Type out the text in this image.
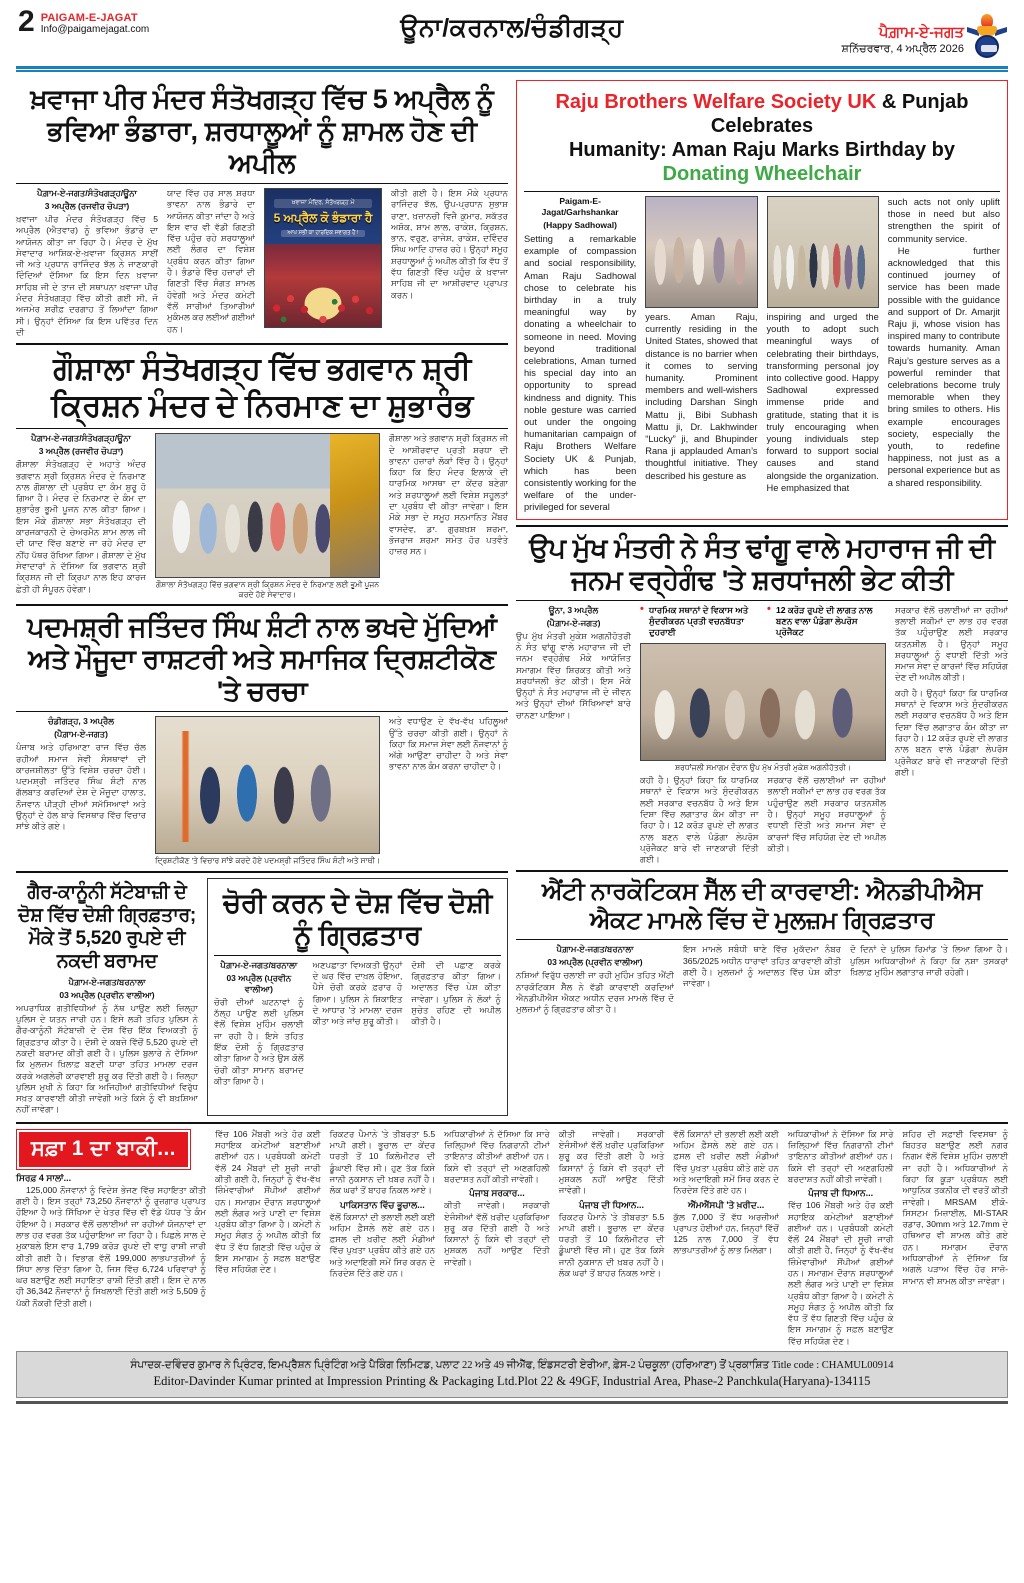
2 PAIGAM-E-JAGAT
Info@paigamejagat.com	ਊਨਾ/ਕਰਨਾਲ/ਚੰਡੀਗੜ੍ਹ	ਪੈਗ਼ਾਮ-ਏ-ਜਗਤ
ਸ਼ਨਿੱਚਰਵਾਰ, 4 ਅਪ੍ਰੈਲ 2026
ਖ਼ਵਾਜਾ ਪੀਰ ਮੰਦਰ ਸੰਤੋਖਗੜ੍ਹ ਵਿੱਚ 5 ਅਪ੍ਰੈਲ ਨੂੰ ਭਵਿਆ ਭੰਡਾਰਾ, ਸ਼ਰਧਾਲੂਆਂ ਨੂੰ ਸ਼ਾਮਲ ਹੋਣ ਦੀ ਅਪੀਲ
ਪੈਗ਼ਾਮ-ਏ-ਜਗਤ/ਸੰਤੋਖਗੜ੍ਹ/ਊਨਾ
3 ਅਪ੍ਰੈਲ (ਰਜਵੀਰ ਚੋਪੜਾ)
ਖ਼ਵਾਜਾ ਪੀਰ ਮੰਦਰ ਸੰਤੋਖਗੜ੍ਹ ਵਿੱਚ 5 ਅਪ੍ਰੈਲ (ਐਤਵਾਰ) ਨੂੰ ਭਵਿਆ ਭੰਡਾਰੇ ਦਾ ਆਯੋਜਨ ਕੀਤਾ ਜਾ ਰਿਹਾ ਹੈ। ਮੰਦਰ ਦੇ ਮੁੱਖ ਸੇਵਾਦਾਰ ਆਸ਼ਿਕ-ਏ-ਖ਼ਵਾਜਾ ਕ੍ਰਿਸ਼ਨ ਸਾਈਂ ਜੀ ਅਤੇ ਪ੍ਰਧਾਨ ਰਾਜਿੰਦਰ ਝੱਲ ਨੇ ਜਾਣਕਾਰੀ ਦਿੰਦਿਆਂ ਦੱਸਿਆ ਕਿ ਇਸ ਦਿਨ ਖ਼ਵਾਜਾ ਸਾਹਿਬ ਜੀ ਦੇ ਤਾਜ ਦੀ ਸਥਾਪਨਾ ਖ਼ਵਾਜਾ ਪੀਰ ਮੰਦਰ ਸੰਤੋਖਗੜ੍ਹ ਵਿੱਚ ਕੀਤੀ ਗਈ ਸੀ, ਜੋ ਅਜਮੇਰ ਸ਼ਰੀਫ਼ ਦਰਗਾਹ ਤੋਂ ਲਿਆਂਦਾ ਗਿਆ ਸੀ। ਉਨ੍ਹਾਂ ਦੱਸਿਆ ਕਿ ਇਸ ਪਵਿੱਤਰ ਦਿਨ ਦੀ
ਯਾਦ ਵਿੱਚ ਹਰ ਸਾਲ ਸ਼ਰਧਾ ਭਾਵਨਾ ਨਾਲ ਭੰਡਾਰੇ ਦਾ ਆਯੋਜਨ ਕੀਤਾ ਜਾਂਦਾ ਹੈ ਅਤੇ ਇਸ ਵਾਰ ਵੀ ਵੱਡੀ ਗਿਣਤੀ ਵਿੱਚ ਪਹੁੰਚ ਰਹੇ ਸ਼ਰਧਾਲੂਆਂ ਲਈ ਲੰਗਰ ਦਾ ਵਿਸ਼ੇਸ਼ ਪ੍ਰਬੰਧ ਕਰਨ ਕੀਤਾ ਗਿਆ ਹੈ। ਭੰਡਾਰੇ ਵਿੱਚ ਹਜ਼ਾਰਾਂ ਦੀ ਗਿਣਤੀ ਵਿੱਚ ਸੰਗਤ ਸ਼ਾਮਲ ਹੋਵੇਗੀ ਅਤੇ ਮੰਦਰ ਕਮੇਟੀ ਵੱਲੋਂ ਸਾਰੀਆਂ ਤਿਆਰੀਆਂ ਮੁਕੰਮਲ ਕਰ ਲਈਆਂ ਗਈਆਂ ਹਨ।
ਖ਼ਵਾਜਾ ਮੰਦਿਰ, ਸੰਤੋਖਗੜ੍ਹ ਮੇਂ
5 ਅਪ੍ਰੈਲ ਕੋ ਭੰਡਾਰਾ ਹੈ
ਆਪ ਸਭੀ ਕਾ ਹਾਰਦਿਕ ਸਵਾਗਤ ਹੈ !
ਕੀਤੀ ਗਈ ਹੈ। ਇਸ ਮੌਕੇ ਪ੍ਰਧਾਨ ਰਾਜਿੰਦਰ ਝੱਲ, ਉਪ-ਪ੍ਰਧਾਨ ਸੁਭਾਸ਼ ਰਾਣਾ, ਖ਼ਜ਼ਾਨਚੀ ਵਿਜੈ ਕੁਮਾਰ, ਸਕੱਤਰ ਅਸ਼ੋਕ, ਸ਼ਾਮ ਲਾਲ, ਰਾਕੇਸ਼, ਕ੍ਰਿਸ਼ਨ, ਭਾਨ, ਵਰੁਣ, ਰਾਜੇਸ਼, ਰਾਕੇਸ਼, ਦਵਿੰਦਰ ਸਿੰਘ ਆਦਿ ਹਾਜ਼ਰ ਰਹੇ। ਉਨ੍ਹਾਂ ਸਮੂਹ ਸ਼ਰਧਾਲੂਆਂ ਨੂੰ ਅਪੀਲ ਕੀਤੀ ਕਿ ਵੱਧ ਤੋਂ ਵੱਧ ਗਿਣਤੀ ਵਿੱਚ ਪਹੁੰਚ ਕੇ ਖ਼ਵਾਜਾ ਸਾਹਿਬ ਜੀ ਦਾ ਆਸ਼ੀਰਵਾਦ ਪ੍ਰਾਪਤ ਕਰਨ।
ਗੌਸ਼ਾਲਾ ਸੰਤੋਖਗੜ੍ਹ ਵਿੱਚ ਭਗਵਾਨ ਸ਼੍ਰੀ ਕ੍ਰਿਸ਼ਨ ਮੰਦਰ ਦੇ ਨਿਰਮਾਣ ਦਾ ਸ਼ੁਭਾਰੰਭ
ਪੈਗ਼ਾਮ-ਏ-ਜਗਤ/ਸੰਤੋਖਗੜ੍ਹ/ਊਨਾ
3 ਅਪ੍ਰੈਲ (ਰਜਵੀਰ ਚੋਪੜਾ)
ਗੌਸ਼ਾਲਾ ਸੰਤੋਖਗੜ੍ਹ ਦੇ ਅਹਾਤੇ ਅੰਦਰ ਭਗਵਾਨ ਸ਼੍ਰੀ ਕ੍ਰਿਸ਼ਨ ਮੰਦਰ ਦੇ ਨਿਰਮਾਣ ਨਾਲ ਗੌਸ਼ਾਲਾ ਦੀ ਪ੍ਰਬੰਧ ਦਾ ਕੰਮ ਸ਼ੁਰੂ ਹੋ ਗਿਆ ਹੈ। ਮੰਦਰ ਦੇ ਨਿਰਮਾਣ ਦੇ ਕੰਮ ਦਾ ਸ਼ੁਭਾਰੰਭ ਭੂਮੀ ਪੂਜਨ ਨਾਲ ਕੀਤਾ ਗਿਆ। ਇਸ ਮੌਕੇ ਗੌਸ਼ਾਲਾ ਸਭਾ ਸੰਤੋਖਗੜ੍ਹ ਦੀ ਕਾਰਜਕਾਰਨੀ ਦੇ ਚੇਅਰਮੈਨ ਸ਼ਾਮ ਲਾਲ ਜੀ ਦੀ ਯਾਦ ਵਿੱਚ ਬਣਾਏ ਜਾ ਰਹੇ ਮੰਦਰ ਦਾ ਨੀਂਹ ਪੱਥਰ ਰੱਖਿਆ ਗਿਆ। ਗੌਸ਼ਾਲਾ ਦੇ ਮੁੱਖ ਸੇਵਾਦਾਰਾਂ ਨੇ ਦੱਸਿਆ ਕਿ ਭਗਵਾਨ ਸ਼੍ਰੀ ਕ੍ਰਿਸ਼ਨ ਜੀ ਦੀ ਕ੍ਰਿਪਾ ਨਾਲ ਇਹ ਕਾਰਜ ਛੇਤੀ ਹੀ ਸੰਪੂਰਨ ਹੋਵੇਗਾ।	ਗੌਸ਼ਾਲਾ ਸੰਤੋਖਗੜ੍ਹ ਵਿੱਚ ਭਗਵਾਨ ਸ਼੍ਰੀ ਕ੍ਰਿਸ਼ਨ ਮੰਦਰ ਦੇ ਨਿਰਮਾਣ ਲਈ ਭੂਮੀ ਪੂਜਨ ਕਰਦੇ ਹੋਏ ਸੇਵਾਦਾਰ।
ਗੌਸ਼ਾਲਾ ਅਤੇ ਭਗਵਾਨ ਸ਼੍ਰੀ ਕ੍ਰਿਸ਼ਨ ਜੀ ਦੇ ਆਸ਼ੀਰਵਾਦ ਪ੍ਰਤੀ ਸ਼ਰਧਾ ਦੀ ਭਾਵਨਾ ਹਜ਼ਾਰਾਂ ਲੋਕਾਂ ਵਿੱਚ ਹੈ। ਉਨ੍ਹਾਂ ਕਿਹਾ ਕਿ ਇਹ ਮੰਦਰ ਇਲਾਕੇ ਦੀ ਧਾਰਮਿਕ ਆਸਥਾ ਦਾ ਕੇਂਦਰ ਬਣੇਗਾ ਅਤੇ ਸ਼ਰਧਾਲੂਆਂ ਲਈ ਵਿਸ਼ੇਸ਼ ਸਹੂਲਤਾਂ ਦਾ ਪ੍ਰਬੰਧ ਵੀ ਕੀਤਾ ਜਾਵੇਗਾ। ਇਸ ਮੌਕੇ ਸਭਾ ਦੇ ਸਮੂਹ ਸਨਮਾਨਿਤ ਮੈਂਬਰ ਵਾਸਦੇਵ, ਡਾ. ਗੁਰਬਖ਼ਸ਼ ਸ਼ਰਮਾ, ਭੋਜਰਾਜ ਸ਼ਰਮਾ ਸਮੇਤ ਹੋਰ ਪਤਵੰਤੇ ਹਾਜ਼ਰ ਸਨ।
ਪਦਮਸ਼੍ਰੀ ਜਤਿੰਦਰ ਸਿੰਘ ਸ਼ੰਟੀ ਨਾਲ ਭਖਦੇ ਮੁੱਦਿਆਂ ਅਤੇ ਮੌਜੂਦਾ ਰਾਸ਼ਟਰੀ ਅਤੇ ਸਮਾਜਿਕ ਦ੍ਰਿਸ਼ਟੀਕੋਣ 'ਤੇ ਚਰਚਾ
ਚੰਡੀਗੜ੍ਹ, 3 ਅਪ੍ਰੈਲ
(ਪੈਗ਼ਾਮ-ਏ-ਜਗਤ)
ਪੰਜਾਬ ਅਤੇ ਹਰਿਆਣਾ ਰਾਜ ਵਿੱਚ ਚੱਲ ਰਹੀਆਂ ਸਮਾਜ ਸੇਵੀ ਸੰਸਥਾਵਾਂ ਦੀ ਕਾਰਜਸ਼ੀਲਤਾ ਉੱਤੇ ਵਿਸ਼ੇਸ਼ ਚਰਚਾ ਹੋਈ। ਪਦਮਸ਼੍ਰੀ ਜਤਿੰਦਰ ਸਿੰਘ ਸ਼ੰਟੀ ਨਾਲ ਗੱਲਬਾਤ ਕਰਦਿਆਂ ਦੇਸ਼ ਦੇ ਮੌਜੂਦਾ ਹਾਲਾਤ, ਨੌਜਵਾਨ ਪੀੜ੍ਹੀ ਦੀਆਂ ਸਮੱਸਿਆਵਾਂ ਅਤੇ ਉਨ੍ਹਾਂ ਦੇ ਹੱਲ ਬਾਰੇ ਵਿਸਥਾਰ ਵਿੱਚ ਵਿਚਾਰ ਸਾਂਝੇ ਕੀਤੇ ਗਏ।
ਦ੍ਰਿਸ਼ਟੀਕੋਣ 'ਤੇ ਵਿਚਾਰ ਸਾਂਝੇ ਕਰਦੇ ਹੋਏ ਪਦਮਸ਼੍ਰੀ ਜਤਿੰਦਰ ਸਿੰਘ ਸ਼ੰਟੀ ਅਤੇ ਸਾਥੀ।
ਅਤੇ ਵਧਾਉਣ ਦੇ ਵੱਖ-ਵੱਖ ਪਹਿਲੂਆਂ ਉੱਤੇ ਚਰਚਾ ਕੀਤੀ ਗਈ। ਉਨ੍ਹਾਂ ਨੇ ਕਿਹਾ ਕਿ ਸਮਾਜ ਸੇਵਾ ਲਈ ਨੌਜਵਾਨਾਂ ਨੂੰ ਅੱਗੇ ਆਉਣਾ ਚਾਹੀਦਾ ਹੈ ਅਤੇ ਸੇਵਾ ਭਾਵਨਾ ਨਾਲ ਕੰਮ ਕਰਨਾ ਚਾਹੀਦਾ ਹੈ।
ਗੈਰ-ਕਾਨੂੰਨੀ ਸੱਟੇਬਾਜ਼ੀ ਦੇ ਦੋਸ਼ ਵਿੱਚ ਦੋਸ਼ੀ ਗ੍ਰਿਫ਼ਤਾਰ; ਮੌਕੇ ਤੋਂ 5,520 ਰੁਪਏ ਦੀ ਨਕਦੀ ਬਰਾਮਦ
ਪੈਗ਼ਾਮ-ਏ-ਜਗਤ/ਬਰਨਾਲਾ
03 ਅਪ੍ਰੈਲ (ਪ੍ਰਵੀਨ ਵਾਲੀਆ)
ਅਪਰਾਧਿਕ ਗਤੀਵਿਧੀਆਂ ਨੂੰ ਨੱਥ ਪਾਉਣ ਲਈ ਜ਼ਿਲ੍ਹਾ ਪੁਲਿਸ ਦੇ ਯਤਨ ਜਾਰੀ ਹਨ। ਇਸੇ ਲੜੀ ਤਹਿਤ ਪੁਲਿਸ ਨੇ ਗੈਰ-ਕਾਨੂੰਨੀ ਸੱਟੇਬਾਜ਼ੀ ਦੇ ਦੋਸ਼ ਵਿੱਚ ਇੱਕ ਵਿਅਕਤੀ ਨੂੰ ਗ੍ਰਿਫ਼ਤਾਰ ਕੀਤਾ ਹੈ। ਦੋਸ਼ੀ ਦੇ ਕਬਜ਼ੇ ਵਿੱਚੋਂ 5,520 ਰੁਪਏ ਦੀ ਨਕਦੀ ਬਰਾਮਦ ਕੀਤੀ ਗਈ ਹੈ। ਪੁਲਿਸ ਬੁਲਾਰੇ ਨੇ ਦੱਸਿਆ ਕਿ ਮੁਲਜ਼ਮ ਖ਼ਿਲਾਫ਼ ਬਣਦੀ ਧਾਰਾ ਤਹਿਤ ਮਾਮਲਾ ਦਰਜ ਕਰਕੇ ਅਗਲੇਰੀ ਕਾਰਵਾਈ ਸ਼ੁਰੂ ਕਰ ਦਿੱਤੀ ਗਈ ਹੈ। ਜ਼ਿਲ੍ਹਾ ਪੁਲਿਸ ਮੁਖੀ ਨੇ ਕਿਹਾ ਕਿ ਅਜਿਹੀਆਂ ਗਤੀਵਿਧੀਆਂ ਵਿਰੁੱਧ ਸਖ਼ਤ ਕਾਰਵਾਈ ਕੀਤੀ ਜਾਵੇਗੀ ਅਤੇ ਕਿਸੇ ਨੂੰ ਵੀ ਬਖ਼ਸ਼ਿਆ ਨਹੀਂ ਜਾਵੇਗਾ।
ਚੋਰੀ ਕਰਨ ਦੇ ਦੋਸ਼ ਵਿੱਚ ਦੋਸ਼ੀ ਨੂੰ ਗ੍ਰਿਫ਼ਤਾਰ
ਪੈਗ਼ਾਮ-ਏ-ਜਗਤ/ਬਰਨਾਲਾ
03 ਅਪ੍ਰੈਲ (ਪ੍ਰਵੀਨ ਵਾਲੀਆ)
ਚੋਰੀ ਦੀਆਂ ਘਟਨਾਵਾਂ ਨੂੰ ਠੱਲ੍ਹ ਪਾਉਣ ਲਈ ਪੁਲਿਸ ਵੱਲੋਂ ਵਿਸ਼ੇਸ਼ ਮੁਹਿੰਮ ਚਲਾਈ ਜਾ ਰਹੀ ਹੈ। ਇਸੇ ਤਹਿਤ ਇੱਕ ਦੋਸ਼ੀ ਨੂੰ ਗ੍ਰਿਫ਼ਤਾਰ ਕੀਤਾ ਗਿਆ ਹੈ ਅਤੇ ਉਸ ਕੋਲੋਂ ਚੋਰੀ ਕੀਤਾ ਸਾਮਾਨ ਬਰਾਮਦ ਕੀਤਾ ਗਿਆ ਹੈ।
ਅਣਪਛਾਤਾ ਵਿਅਕਤੀ ਉਨ੍ਹਾਂ ਦੇ ਘਰ ਵਿੱਚ ਦਾਖ਼ਲ ਹੋਇਆ, ਪੈਸੇ ਚੋਰੀ ਕਰਕੇ ਫ਼ਰਾਰ ਹੋ ਗਿਆ। ਪੁਲਿਸ ਨੇ ਸ਼ਿਕਾਇਤ ਦੇ ਆਧਾਰ 'ਤੇ ਮਾਮਲਾ ਦਰਜ ਕੀਤਾ ਅਤੇ ਜਾਂਚ ਸ਼ੁਰੂ ਕੀਤੀ।
ਦੋਸ਼ੀ ਦੀ ਪਛਾਣ ਕਰਕੇ ਗ੍ਰਿਫ਼ਤਾਰ ਕੀਤਾ ਗਿਆ। ਅਦਾਲਤ ਵਿੱਚ ਪੇਸ਼ ਕੀਤਾ ਜਾਵੇਗਾ। ਪੁਲਿਸ ਨੇ ਲੋਕਾਂ ਨੂੰ ਸੁਚੇਤ ਰਹਿਣ ਦੀ ਅਪੀਲ ਕੀਤੀ ਹੈ।
Raju Brothers Welfare Society UK & Punjab Celebrates
Humanity: Aman Raju Marks Birthday by Donating Wheelchair
Paigam-E-Jagat/Garhshankar
(Happy Sadhowal)
Setting a remarkable example of compassion and social responsibility, Aman Raju Sadhowal chose to celebrate his birthday in a truly meaningful way by donating a wheelchair to someone in need. Moving beyond traditional celebrations, Aman turned his special day into an opportunity to spread kindness and dignity. This noble gesture was carried out under the ongoing humanitarian campaign of Raju Brothers Welfare Society UK & Punjab, which has been consistently working for the welfare of the under-privileged for several
years. Aman Raju, currently residing in the United States, showed that distance is no barrier when it comes to serving humanity. Prominent members and well-wishers including Darshan Singh Mattu ji, Bibi Subhash Mattu ji, Dr. Lakhwinder “Lucky” ji, and Bhupinder Rana ji applauded Aman’s thoughtful initiative. They described his gesture as
inspiring and urged the youth to adopt such meaningful ways of celebrating their birthdays, transforming personal joy into collective good. Happy Sadhowal expressed immense pride and gratitude, stating that it is truly encouraging when young individuals step forward to support social causes and stand alongside the organization. He emphasized that
such acts not only uplift those in need but also strengthen the spirit of community service.
He further acknowledged that this continued journey of service has been made possible with the guidance and support of Dr. Amarjit Raju ji, whose vision has inspired many to contribute towards humanity. Aman Raju’s gesture serves as a powerful reminder that celebrations become truly memorable when they bring smiles to others. His example encourages society, especially the youth, to redefine happiness, not just as a personal experience but as a shared responsibility.
ਉਪ ਮੁੱਖ ਮੰਤਰੀ ਨੇ ਸੰਤ ਢਾਂਗੂ ਵਾਲੇ ਮਹਾਰਾਜ ਜੀ ਦੀ ਜਨਮ ਵਰ੍ਹੇਗੰਢ 'ਤੇ ਸ਼ਰਧਾਂਜਲੀ ਭੇਟ ਕੀਤੀ
ਊਨਾ, 3 ਅਪ੍ਰੈਲ
(ਪੈਗ਼ਾਮ-ਏ-ਜਗਤ)
ਉਪ ਮੁੱਖ ਮੰਤਰੀ ਮੁਕੇਸ਼ ਅਗਨੀਹੋਤਰੀ ਨੇ ਸੰਤ ਢਾਂਗੂ ਵਾਲੇ ਮਹਾਰਾਜ ਜੀ ਦੀ ਜਨਮ ਵਰ੍ਹੇਗੰਢ ਮੌਕੇ ਆਯੋਜਿਤ ਸਮਾਗਮ ਵਿੱਚ ਸ਼ਿਰਕਤ ਕੀਤੀ ਅਤੇ ਸ਼ਰਧਾਂਜਲੀ ਭੇਟ ਕੀਤੀ। ਇਸ ਮੌਕੇ ਉਨ੍ਹਾਂ ਨੇ ਸੰਤ ਮਹਾਰਾਜ ਜੀ ਦੇ ਜੀਵਨ ਅਤੇ ਉਨ੍ਹਾਂ ਦੀਆਂ ਸਿੱਖਿਆਵਾਂ ਬਾਰੇ ਚਾਨਣਾ ਪਾਇਆ।
• ਧਾਰਮਿਕ ਸਥਾਨਾਂ ਦੇ ਵਿਕਾਸ ਅਤੇ ਸੁੰਦਰੀਕਰਨ ਪ੍ਰਤੀ ਵਚਨਬੱਧਤਾ ਦੁਹਰਾਈ
• 12 ਕਰੋੜ ਰੁਪਏ ਦੀ ਲਾਗਤ ਨਾਲ ਬਣਨ ਵਾਲਾ ਪੰਡੋਗਾ ਲੇਪਰੋਸ ਪ੍ਰੋਜੈਕਟ
ਸ਼ਰਧਾਂਜਲੀ ਸਮਾਗਮ ਦੌਰਾਨ ਉਪ ਮੁੱਖ ਮੰਤਰੀ ਮੁਕੇਸ਼ ਅਗਨੀਹੋਤਰੀ।
ਕਹੀ ਹੈ। ਉਨ੍ਹਾਂ ਕਿਹਾ ਕਿ ਧਾਰਮਿਕ ਸਥਾਨਾਂ ਦੇ ਵਿਕਾਸ ਅਤੇ ਸੁੰਦਰੀਕਰਨ ਲਈ ਸਰਕਾਰ ਵਚਨਬੱਧ ਹੈ ਅਤੇ ਇਸ ਦਿਸ਼ਾ ਵਿੱਚ ਲਗਾਤਾਰ ਕੰਮ ਕੀਤਾ ਜਾ ਰਿਹਾ ਹੈ। 12 ਕਰੋੜ ਰੁਪਏ ਦੀ ਲਾਗਤ ਨਾਲ ਬਣਨ ਵਾਲੇ ਪੰਡੋਗਾ ਲੇਪਰੋਸ ਪ੍ਰੋਜੈਕਟ ਬਾਰੇ ਵੀ ਜਾਣਕਾਰੀ ਦਿੱਤੀ ਗਈ।
ਸਰਕਾਰ ਵੱਲੋਂ ਚਲਾਈਆਂ ਜਾ ਰਹੀਆਂ ਭਲਾਈ ਸਕੀਮਾਂ ਦਾ ਲਾਭ ਹਰ ਵਰਗ ਤੱਕ ਪਹੁੰਚਾਉਣ ਲਈ ਸਰਕਾਰ ਯਤਨਸ਼ੀਲ ਹੈ। ਉਨ੍ਹਾਂ ਸਮੂਹ ਸ਼ਰਧਾਲੂਆਂ ਨੂੰ ਵਧਾਈ ਦਿੱਤੀ ਅਤੇ ਸਮਾਜ ਸੇਵਾ ਦੇ ਕਾਰਜਾਂ ਵਿੱਚ ਸਹਿਯੋਗ ਦੇਣ ਦੀ ਅਪੀਲ ਕੀਤੀ।
ਸਰਕਾਰ ਵੱਲੋਂ ਚਲਾਈਆਂ ਜਾ ਰਹੀਆਂ ਭਲਾਈ ਸਕੀਮਾਂ ਦਾ ਲਾਭ ਹਰ ਵਰਗ ਤੱਕ ਪਹੁੰਚਾਉਣ ਲਈ ਸਰਕਾਰ ਯਤਨਸ਼ੀਲ ਹੈ। ਉਨ੍ਹਾਂ ਸਮੂਹ ਸ਼ਰਧਾਲੂਆਂ ਨੂੰ ਵਧਾਈ ਦਿੱਤੀ ਅਤੇ ਸਮਾਜ ਸੇਵਾ ਦੇ ਕਾਰਜਾਂ ਵਿੱਚ ਸਹਿਯੋਗ ਦੇਣ ਦੀ ਅਪੀਲ ਕੀਤੀ।
ਕਹੀ ਹੈ। ਉਨ੍ਹਾਂ ਕਿਹਾ ਕਿ ਧਾਰਮਿਕ ਸਥਾਨਾਂ ਦੇ ਵਿਕਾਸ ਅਤੇ ਸੁੰਦਰੀਕਰਨ ਲਈ ਸਰਕਾਰ ਵਚਨਬੱਧ ਹੈ ਅਤੇ ਇਸ ਦਿਸ਼ਾ ਵਿੱਚ ਲਗਾਤਾਰ ਕੰਮ ਕੀਤਾ ਜਾ ਰਿਹਾ ਹੈ। 12 ਕਰੋੜ ਰੁਪਏ ਦੀ ਲਾਗਤ ਨਾਲ ਬਣਨ ਵਾਲੇ ਪੰਡੋਗਾ ਲੇਪਰੋਸ ਪ੍ਰੋਜੈਕਟ ਬਾਰੇ ਵੀ ਜਾਣਕਾਰੀ ਦਿੱਤੀ ਗਈ।
ਐਂਟੀ ਨਾਰਕੋਟਿਕਸ ਸੈੱਲ ਦੀ ਕਾਰਵਾਈ: ਐਨਡੀਪੀਐਸ ਐਕਟ ਮਾਮਲੇ ਵਿੱਚ ਦੋ ਮੁਲਜ਼ਮ ਗ੍ਰਿਫ਼ਤਾਰ
ਪੈਗ਼ਾਮ-ਏ-ਜਗਤ/ਬਰਨਾਲਾ
03 ਅਪ੍ਰੈਲ (ਪ੍ਰਵੀਨ ਵਾਲੀਆ)
ਨਸ਼ਿਆਂ ਵਿਰੁੱਧ ਚਲਾਈ ਜਾ ਰਹੀ ਮੁਹਿੰਮ ਤਹਿਤ ਐਂਟੀ ਨਾਰਕੋਟਿਕਸ ਸੈੱਲ ਨੇ ਵੱਡੀ ਕਾਰਵਾਈ ਕਰਦਿਆਂ ਐਨਡੀਪੀਐਸ ਐਕਟ ਅਧੀਨ ਦਰਜ ਮਾਮਲੇ ਵਿੱਚ ਦੋ ਮੁਲਜ਼ਮਾਂ ਨੂੰ ਗ੍ਰਿਫ਼ਤਾਰ ਕੀਤਾ ਹੈ।
ਇਸ ਮਾਮਲੇ ਸਬੰਧੀ ਥਾਣੇ ਵਿੱਚ ਮੁਕੱਦਮਾ ਨੰਬਰ 365/2025 ਅਧੀਨ ਧਾਰਾਵਾਂ ਤਹਿਤ ਕਾਰਵਾਈ ਕੀਤੀ ਗਈ ਹੈ। ਮੁਲਜ਼ਮਾਂ ਨੂੰ ਅਦਾਲਤ ਵਿੱਚ ਪੇਸ਼ ਕੀਤਾ ਜਾਵੇਗਾ।
ਦੋ ਦਿਨਾਂ ਦੇ ਪੁਲਿਸ ਰਿਮਾਂਡ 'ਤੇ ਲਿਆ ਗਿਆ ਹੈ। ਪੁਲਿਸ ਅਧਿਕਾਰੀਆਂ ਨੇ ਕਿਹਾ ਕਿ ਨਸ਼ਾ ਤਸਕਰਾਂ ਖ਼ਿਲਾਫ਼ ਮੁਹਿੰਮ ਲਗਾਤਾਰ ਜਾਰੀ ਰਹੇਗੀ।
ਸਫ਼ਾ 1 ਦਾ ਬਾਕੀ...
ਸਿਰਫ਼ 4 ਸਾਲਾਂ...
125,000 ਨੌਜਵਾਨਾਂ ਨੂੰ ਵਿਦੇਸ਼ ਭੇਜਣ ਵਿੱਚ ਸਹਾਇਤਾ ਕੀਤੀ ਗਈ ਹੈ। ਇਸ ਤਰ੍ਹਾਂ 73,250 ਨੌਜਵਾਨਾਂ ਨੂੰ ਰੁਜ਼ਗਾਰ ਪ੍ਰਾਪਤ ਹੋਇਆ ਹੈ ਅਤੇ ਸਿੱਖਿਆ ਦੇ ਖੇਤਰ ਵਿੱਚ ਵੀ ਵੱਡੇ ਪੱਧਰ 'ਤੇ ਕੰਮ ਹੋਇਆ ਹੈ। ਸਰਕਾਰ ਵੱਲੋਂ ਚਲਾਈਆਂ ਜਾ ਰਹੀਆਂ ਯੋਜਨਾਵਾਂ ਦਾ ਲਾਭ ਹਰ ਵਰਗ ਤੱਕ ਪਹੁੰਚਾਇਆ ਜਾ ਰਿਹਾ ਹੈ। ਪਿਛਲੇ ਸਾਲ ਦੇ ਮੁਕਾਬਲੇ ਇਸ ਵਾਰ 1,799 ਕਰੋੜ ਰੁਪਏ ਦੀ ਵਾਧੂ ਰਾਸ਼ੀ ਜਾਰੀ ਕੀਤੀ ਗਈ ਹੈ। ਵਿਭਾਗ ਵੱਲੋਂ 199,000 ਲਾਭਪਾਤਰੀਆਂ ਨੂੰ ਸਿੱਧਾ ਲਾਭ ਦਿੱਤਾ ਗਿਆ ਹੈ, ਜਿਸ ਵਿੱਚ 6,724 ਪਰਿਵਾਰਾਂ ਨੂੰ ਘਰ ਬਣਾਉਣ ਲਈ ਸਹਾਇਤਾ ਰਾਸ਼ੀ ਦਿੱਤੀ ਗਈ। ਇਸ ਦੇ ਨਾਲ ਹੀ 36,342 ਨੌਜਵਾਨਾਂ ਨੂੰ ਸਿਖਲਾਈ ਦਿੱਤੀ ਗਈ ਅਤੇ 5,509 ਨੂੰ ਪੱਕੀ ਨੌਕਰੀ ਦਿੱਤੀ ਗਈ।
ਵਿੱਚ 106 ਮੈਂਬਰੀ ਅਤੇ ਹੋਰ ਕਈ ਸਹਾਇਕ ਕਮੇਟੀਆਂ ਬਣਾਈਆਂ ਗਈਆਂ ਹਨ। ਪ੍ਰਬੰਧਕੀ ਕਮੇਟੀ ਵੱਲੋਂ 24 ਮੈਂਬਰਾਂ ਦੀ ਸੂਚੀ ਜਾਰੀ ਕੀਤੀ ਗਈ ਹੈ, ਜਿਨ੍ਹਾਂ ਨੂੰ ਵੱਖ-ਵੱਖ ਜ਼ਿੰਮੇਵਾਰੀਆਂ ਸੌਂਪੀਆਂ ਗਈਆਂ ਹਨ। ਸਮਾਗਮ ਦੌਰਾਨ ਸ਼ਰਧਾਲੂਆਂ ਲਈ ਲੰਗਰ ਅਤੇ ਪਾਣੀ ਦਾ ਵਿਸ਼ੇਸ਼ ਪ੍ਰਬੰਧ ਕੀਤਾ ਗਿਆ ਹੈ। ਕਮੇਟੀ ਨੇ ਸਮੂਹ ਸੰਗਤ ਨੂੰ ਅਪੀਲ ਕੀਤੀ ਕਿ ਵੱਧ ਤੋਂ ਵੱਧ ਗਿਣਤੀ ਵਿੱਚ ਪਹੁੰਚ ਕੇ ਇਸ ਸਮਾਗਮ ਨੂੰ ਸਫ਼ਲ ਬਣਾਉਣ ਵਿੱਚ ਸਹਿਯੋਗ ਦੇਣ।
ਰਿਕਟਰ ਪੈਮਾਨੇ 'ਤੇ ਤੀਬਰਤਾ 5.5 ਮਾਪੀ ਗਈ। ਭੂਚਾਲ ਦਾ ਕੇਂਦਰ ਧਰਤੀ ਤੋਂ 10 ਕਿਲੋਮੀਟਰ ਦੀ ਡੂੰਘਾਈ ਵਿੱਚ ਸੀ। ਹੁਣ ਤੱਕ ਕਿਸੇ ਜਾਨੀ ਨੁਕਸਾਨ ਦੀ ਖ਼ਬਰ ਨਹੀਂ ਹੈ। ਲੋਕ ਘਰਾਂ ਤੋਂ ਬਾਹਰ ਨਿਕਲ ਆਏ।
ਪਾਕਿਸਤਾਨ ਵਿੱਚ ਭੂਚਾਲ...
ਵੱਲੋਂ ਕਿਸਾਨਾਂ ਦੀ ਭਲਾਈ ਲਈ ਕਈ ਅਹਿਮ ਫ਼ੈਸਲੇ ਲਏ ਗਏ ਹਨ। ਫ਼ਸਲ ਦੀ ਖ਼ਰੀਦ ਲਈ ਮੰਡੀਆਂ ਵਿੱਚ ਪੁਖ਼ਤਾ ਪ੍ਰਬੰਧ ਕੀਤੇ ਗਏ ਹਨ ਅਤੇ ਅਦਾਇਗੀ ਸਮੇਂ ਸਿਰ ਕਰਨ ਦੇ ਨਿਰਦੇਸ਼ ਦਿੱਤੇ ਗਏ ਹਨ।
ਅਧਿਕਾਰੀਆਂ ਨੇ ਦੱਸਿਆ ਕਿ ਸਾਰੇ ਜ਼ਿਲ੍ਹਿਆਂ ਵਿੱਚ ਨਿਗਰਾਨੀ ਟੀਮਾਂ ਤਾਇਨਾਤ ਕੀਤੀਆਂ ਗਈਆਂ ਹਨ। ਕਿਸੇ ਵੀ ਤਰ੍ਹਾਂ ਦੀ ਅਣਗਹਿਲੀ ਬਰਦਾਸ਼ਤ ਨਹੀਂ ਕੀਤੀ ਜਾਵੇਗੀ।
ਪੰਜਾਬ ਸਰਕਾਰ...
ਕੀਤੀ ਜਾਵੇਗੀ। ਸਰਕਾਰੀ ਏਜੰਸੀਆਂ ਵੱਲੋਂ ਖ਼ਰੀਦ ਪ੍ਰਕਿਰਿਆ ਸ਼ੁਰੂ ਕਰ ਦਿੱਤੀ ਗਈ ਹੈ ਅਤੇ ਕਿਸਾਨਾਂ ਨੂੰ ਕਿਸੇ ਵੀ ਤਰ੍ਹਾਂ ਦੀ ਮੁਸ਼ਕਲ ਨਹੀਂ ਆਉਣ ਦਿੱਤੀ ਜਾਵੇਗੀ।
ਕੀਤੀ ਜਾਵੇਗੀ। ਸਰਕਾਰੀ ਏਜੰਸੀਆਂ ਵੱਲੋਂ ਖ਼ਰੀਦ ਪ੍ਰਕਿਰਿਆ ਸ਼ੁਰੂ ਕਰ ਦਿੱਤੀ ਗਈ ਹੈ ਅਤੇ ਕਿਸਾਨਾਂ ਨੂੰ ਕਿਸੇ ਵੀ ਤਰ੍ਹਾਂ ਦੀ ਮੁਸ਼ਕਲ ਨਹੀਂ ਆਉਣ ਦਿੱਤੀ ਜਾਵੇਗੀ।
ਪੰਜਾਬ ਦੀ ਧਿਆਨ...
ਰਿਕਟਰ ਪੈਮਾਨੇ 'ਤੇ ਤੀਬਰਤਾ 5.5 ਮਾਪੀ ਗਈ। ਭੂਚਾਲ ਦਾ ਕੇਂਦਰ ਧਰਤੀ ਤੋਂ 10 ਕਿਲੋਮੀਟਰ ਦੀ ਡੂੰਘਾਈ ਵਿੱਚ ਸੀ। ਹੁਣ ਤੱਕ ਕਿਸੇ ਜਾਨੀ ਨੁਕਸਾਨ ਦੀ ਖ਼ਬਰ ਨਹੀਂ ਹੈ। ਲੋਕ ਘਰਾਂ ਤੋਂ ਬਾਹਰ ਨਿਕਲ ਆਏ।
ਵੱਲੋਂ ਕਿਸਾਨਾਂ ਦੀ ਭਲਾਈ ਲਈ ਕਈ ਅਹਿਮ ਫ਼ੈਸਲੇ ਲਏ ਗਏ ਹਨ। ਫ਼ਸਲ ਦੀ ਖ਼ਰੀਦ ਲਈ ਮੰਡੀਆਂ ਵਿੱਚ ਪੁਖ਼ਤਾ ਪ੍ਰਬੰਧ ਕੀਤੇ ਗਏ ਹਨ ਅਤੇ ਅਦਾਇਗੀ ਸਮੇਂ ਸਿਰ ਕਰਨ ਦੇ ਨਿਰਦੇਸ਼ ਦਿੱਤੇ ਗਏ ਹਨ।
ਐੱਮਐੱਸਪੀ 'ਤੇ ਖ਼ਰੀਦ...
ਕੁੱਲ 7,000 ਤੋਂ ਵੱਧ ਅਰਜ਼ੀਆਂ ਪ੍ਰਾਪਤ ਹੋਈਆਂ ਹਨ, ਜਿਨ੍ਹਾਂ ਵਿੱਚੋਂ 125 ਨਾਲ 7,000 ਤੋਂ ਵੱਧ ਲਾਭਪਾਤਰੀਆਂ ਨੂੰ ਲਾਭ ਮਿਲੇਗਾ।
ਅਧਿਕਾਰੀਆਂ ਨੇ ਦੱਸਿਆ ਕਿ ਸਾਰੇ ਜ਼ਿਲ੍ਹਿਆਂ ਵਿੱਚ ਨਿਗਰਾਨੀ ਟੀਮਾਂ ਤਾਇਨਾਤ ਕੀਤੀਆਂ ਗਈਆਂ ਹਨ। ਕਿਸੇ ਵੀ ਤਰ੍ਹਾਂ ਦੀ ਅਣਗਹਿਲੀ ਬਰਦਾਸ਼ਤ ਨਹੀਂ ਕੀਤੀ ਜਾਵੇਗੀ।
ਪੰਜਾਬ ਦੀ ਧਿਆਨ...
ਵਿੱਚ 106 ਮੈਂਬਰੀ ਅਤੇ ਹੋਰ ਕਈ ਸਹਾਇਕ ਕਮੇਟੀਆਂ ਬਣਾਈਆਂ ਗਈਆਂ ਹਨ। ਪ੍ਰਬੰਧਕੀ ਕਮੇਟੀ ਵੱਲੋਂ 24 ਮੈਂਬਰਾਂ ਦੀ ਸੂਚੀ ਜਾਰੀ ਕੀਤੀ ਗਈ ਹੈ, ਜਿਨ੍ਹਾਂ ਨੂੰ ਵੱਖ-ਵੱਖ ਜ਼ਿੰਮੇਵਾਰੀਆਂ ਸੌਂਪੀਆਂ ਗਈਆਂ ਹਨ। ਸਮਾਗਮ ਦੌਰਾਨ ਸ਼ਰਧਾਲੂਆਂ ਲਈ ਲੰਗਰ ਅਤੇ ਪਾਣੀ ਦਾ ਵਿਸ਼ੇਸ਼ ਪ੍ਰਬੰਧ ਕੀਤਾ ਗਿਆ ਹੈ। ਕਮੇਟੀ ਨੇ ਸਮੂਹ ਸੰਗਤ ਨੂੰ ਅਪੀਲ ਕੀਤੀ ਕਿ ਵੱਧ ਤੋਂ ਵੱਧ ਗਿਣਤੀ ਵਿੱਚ ਪਹੁੰਚ ਕੇ ਇਸ ਸਮਾਗਮ ਨੂੰ ਸਫ਼ਲ ਬਣਾਉਣ ਵਿੱਚ ਸਹਿਯੋਗ ਦੇਣ।
ਸ਼ਹਿਰ ਦੀ ਸਫ਼ਾਈ ਵਿਵਸਥਾ ਨੂੰ ਬਿਹਤਰ ਬਣਾਉਣ ਲਈ ਨਗਰ ਨਿਗਮ ਵੱਲੋਂ ਵਿਸ਼ੇਸ਼ ਮੁਹਿੰਮ ਚਲਾਈ ਜਾ ਰਹੀ ਹੈ। ਅਧਿਕਾਰੀਆਂ ਨੇ ਕਿਹਾ ਕਿ ਕੂੜਾ ਪ੍ਰਬੰਧਨ ਲਈ ਆਧੁਨਿਕ ਤਕਨੀਕ ਦੀ ਵਰਤੋਂ ਕੀਤੀ ਜਾਵੇਗੀ। MRSAM ਈਕੋ-ਸਿਸਟਮ ਮਿਜ਼ਾਈਲ, MI-STAR ਰਡਾਰ, 30mm ਅਤੇ 12.7mm ਦੇ ਹਥਿਆਰ ਵੀ ਸ਼ਾਮਲ ਕੀਤੇ ਗਏ ਹਨ। ਸਮਾਗਮ ਦੌਰਾਨ ਅਧਿਕਾਰੀਆਂ ਨੇ ਦੱਸਿਆ ਕਿ ਅਗਲੇ ਪੜਾਅ ਵਿੱਚ ਹੋਰ ਸਾਜ਼ੋ-ਸਾਮਾਨ ਵੀ ਸ਼ਾਮਲ ਕੀਤਾ ਜਾਵੇਗਾ।
ਸੰਪਾਦਕ-ਦਵਿੰਦਰ ਕੁਮਾਰ ਨੇ ਪ੍ਰਿੰਟਰ, ਇਮਪ੍ਰੈਸ਼ਨ ਪ੍ਰਿੰਟਿੰਗ ਅਤੇ ਪੈਕਿੰਗ ਲਿਮਿਟਡ, ਪਲਾਟ 22 ਅਤੇ 49 ਜੀਐੱਫ, ਇੰਡਸਟਰੀ ਏਰੀਆ, ਫ਼ੇਸ-2 ਪੰਚਕੂਲਾ (ਹਰਿਆਣਾ) ਤੋਂ ਪ੍ਰਕਾਸ਼ਿਤ Title code : CHAMUL00914
Editor-Davinder Kumar printed at Impression Printing & Packaging Ltd.Plot 22 & 49GF, Industrial Area, Phase-2 Panchkula(Haryana)-134115
